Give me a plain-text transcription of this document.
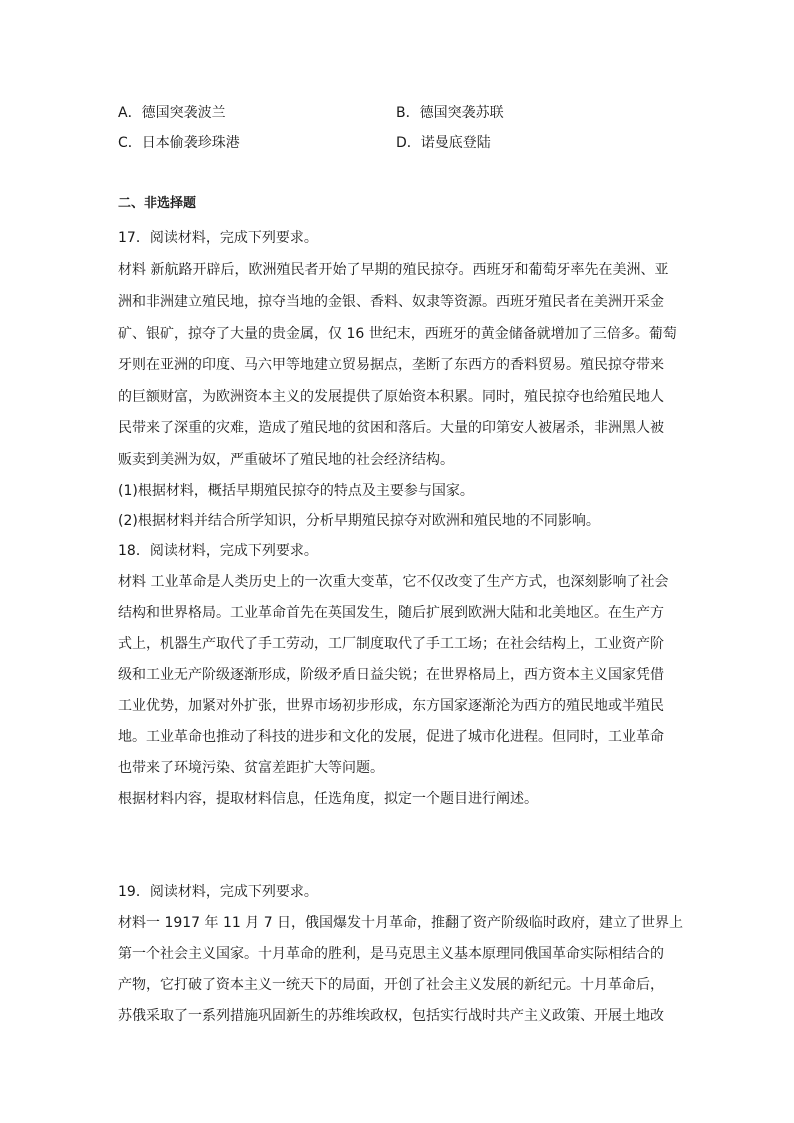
A．德国突袭波兰	B．德国突袭苏联
C．日本偷袭珍珠港	D．诺曼底登陆
二、非选择题
17．阅读材料，完成下列要求。
材料 新航路开辟后，欧洲殖民者开始了早期的殖民掠夺。西班牙和葡萄牙率先在美洲、亚
洲和非洲建立殖民地，掠夺当地的金银、香料、奴隶等资源。西班牙殖民者在美洲开采金
矿、银矿，掠夺了大量的贵金属，仅 16 世纪末，西班牙的黄金储备就增加了三倍多。葡萄
牙则在亚洲的印度、马六甲等地建立贸易据点，垄断了东西方的香料贸易。殖民掠夺带来
的巨额财富，为欧洲资本主义的发展提供了原始资本积累。同时，殖民掠夺也给殖民地人
民带来了深重的灾难，造成了殖民地的贫困和落后。大量的印第安人被屠杀，非洲黑人被
贩卖到美洲为奴，严重破坏了殖民地的社会经济结构。
(1)根据材料，概括早期殖民掠夺的特点及主要参与国家。
(2)根据材料并结合所学知识，分析早期殖民掠夺对欧洲和殖民地的不同影响。
18．阅读材料，完成下列要求。
材料 工业革命是人类历史上的一次重大变革，它不仅改变了生产方式，也深刻影响了社会
结构和世界格局。工业革命首先在英国发生，随后扩展到欧洲大陆和北美地区。在生产方
式上，机器生产取代了手工劳动，工厂制度取代了手工工场；在社会结构上，工业资产阶
级和工业无产阶级逐渐形成，阶级矛盾日益尖锐；在世界格局上，西方资本主义国家凭借
工业优势，加紧对外扩张，世界市场初步形成，东方国家逐渐沦为西方的殖民地或半殖民
地。工业革命也推动了科技的进步和文化的发展，促进了城市化进程。但同时，工业革命
也带来了环境污染、贫富差距扩大等问题。
根据材料内容，提取材料信息，任选角度，拟定一个题目进行阐述。
19．阅读材料，完成下列要求。
材料一 1917 年 11 月 7 日，俄国爆发十月革命，推翻了资产阶级临时政府，建立了世界上
第一个社会主义国家。十月革命的胜利，是马克思主义基本原理同俄国革命实际相结合的
产物，它打破了资本主义一统天下的局面，开创了社会主义发展的新纪元。十月革命后，
苏俄采取了一系列措施巩固新生的苏维埃政权，包括实行战时共产主义政策、开展土地改
